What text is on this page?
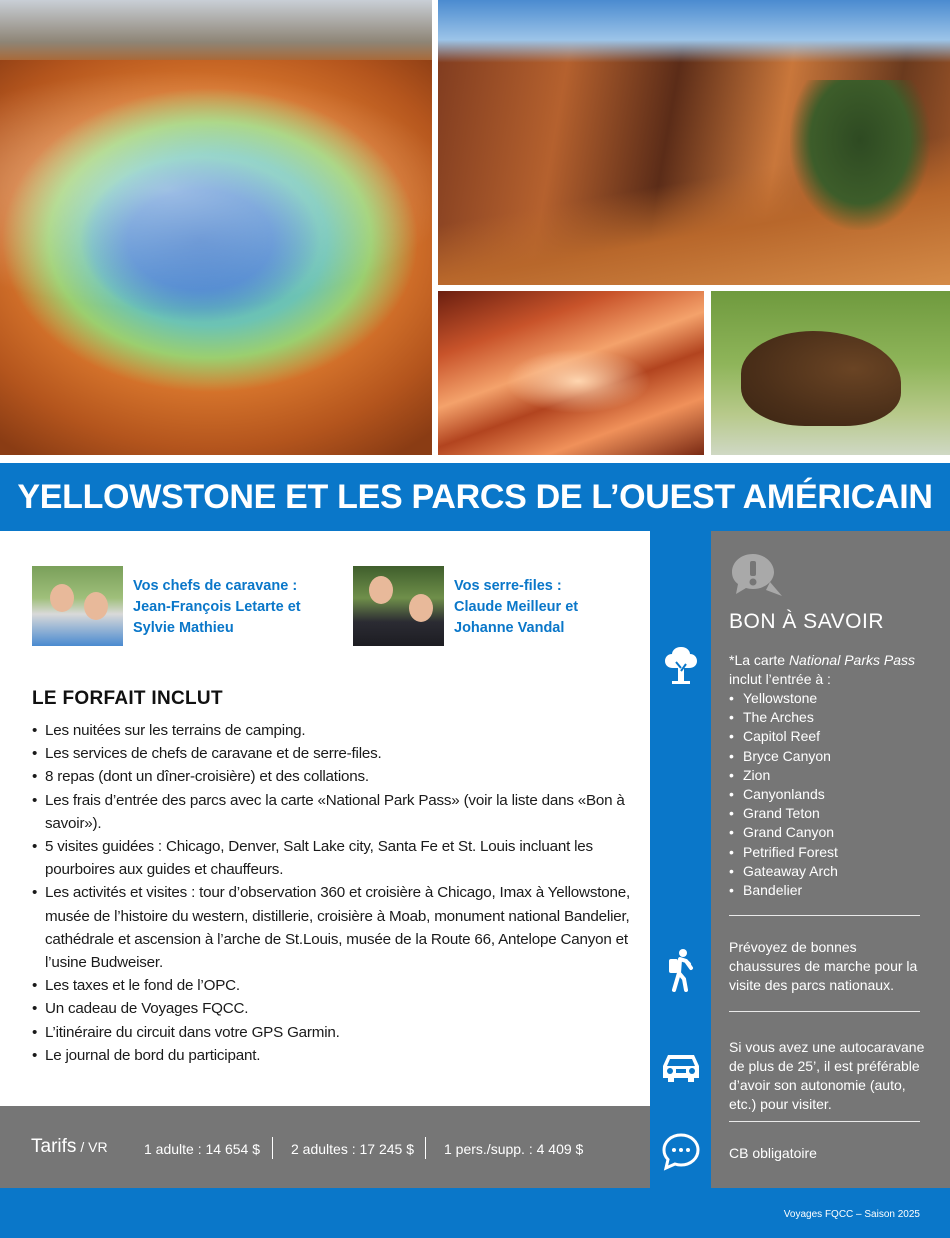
YELLOWSTONE ET LES PARCS DE L’OUEST AMÉRICAIN
Vos chefs de caravane :
Jean-François Letarte et
Sylvie Mathieu
Vos serre-files :
Claude Meilleur et
Johanne Vandal
LE FORFAIT INCLUT
• Les nuitées sur les terrains de camping.
• Les services de chefs de caravane et de serre-files.
• 8 repas (dont un dîner-croisière) et des collations.
• Les frais d’entrée des parcs avec la carte «National Park Pass» (voir la liste dans «Bon à savoir»).
• 5 visites guidées : Chicago, Denver, Salt Lake city, Santa Fe et St. Louis incluant les pourboires aux guides et chauffeurs.
• Les activités et visites : tour d’observation 360 et croisière à Chicago, Imax à Yellowstone, musée de l’histoire du western, distillerie, croisière à Moab, monument national Bandelier, cathédrale et ascension à l’arche de St.Louis, musée de la Route 66, Antelope Canyon et l’usine Budweiser.
• Les taxes et le fond de l’OPC.
• Un cadeau de Voyages FQCC.
• L’itinéraire du circuit dans votre GPS Garmin.
• Le journal de bord du participant.
BON À SAVOIR
*La carte National Parks Pass
inclut l’entrée à :
• Yellowstone
• The Arches
• Capitol Reef
• Bryce Canyon
• Zion
• Canyonlands
• Grand Teton
• Grand Canyon
• Petrified Forest
• Gateaway Arch
• Bandelier
Prévoyez de bonnes chaussures de marche pour la visite des parcs nationaux.
Si vous avez une autocaravane de plus de 25’, il est préférable d’avoir son autonomie (auto, etc.) pour visiter.
CB obligatoire
Tarifs / VR	1 adulte : 14 654 $ 2 adultes : 17 245 $ 1 pers./supp. : 4 409 $
Voyages FQCC – Saison 2025
